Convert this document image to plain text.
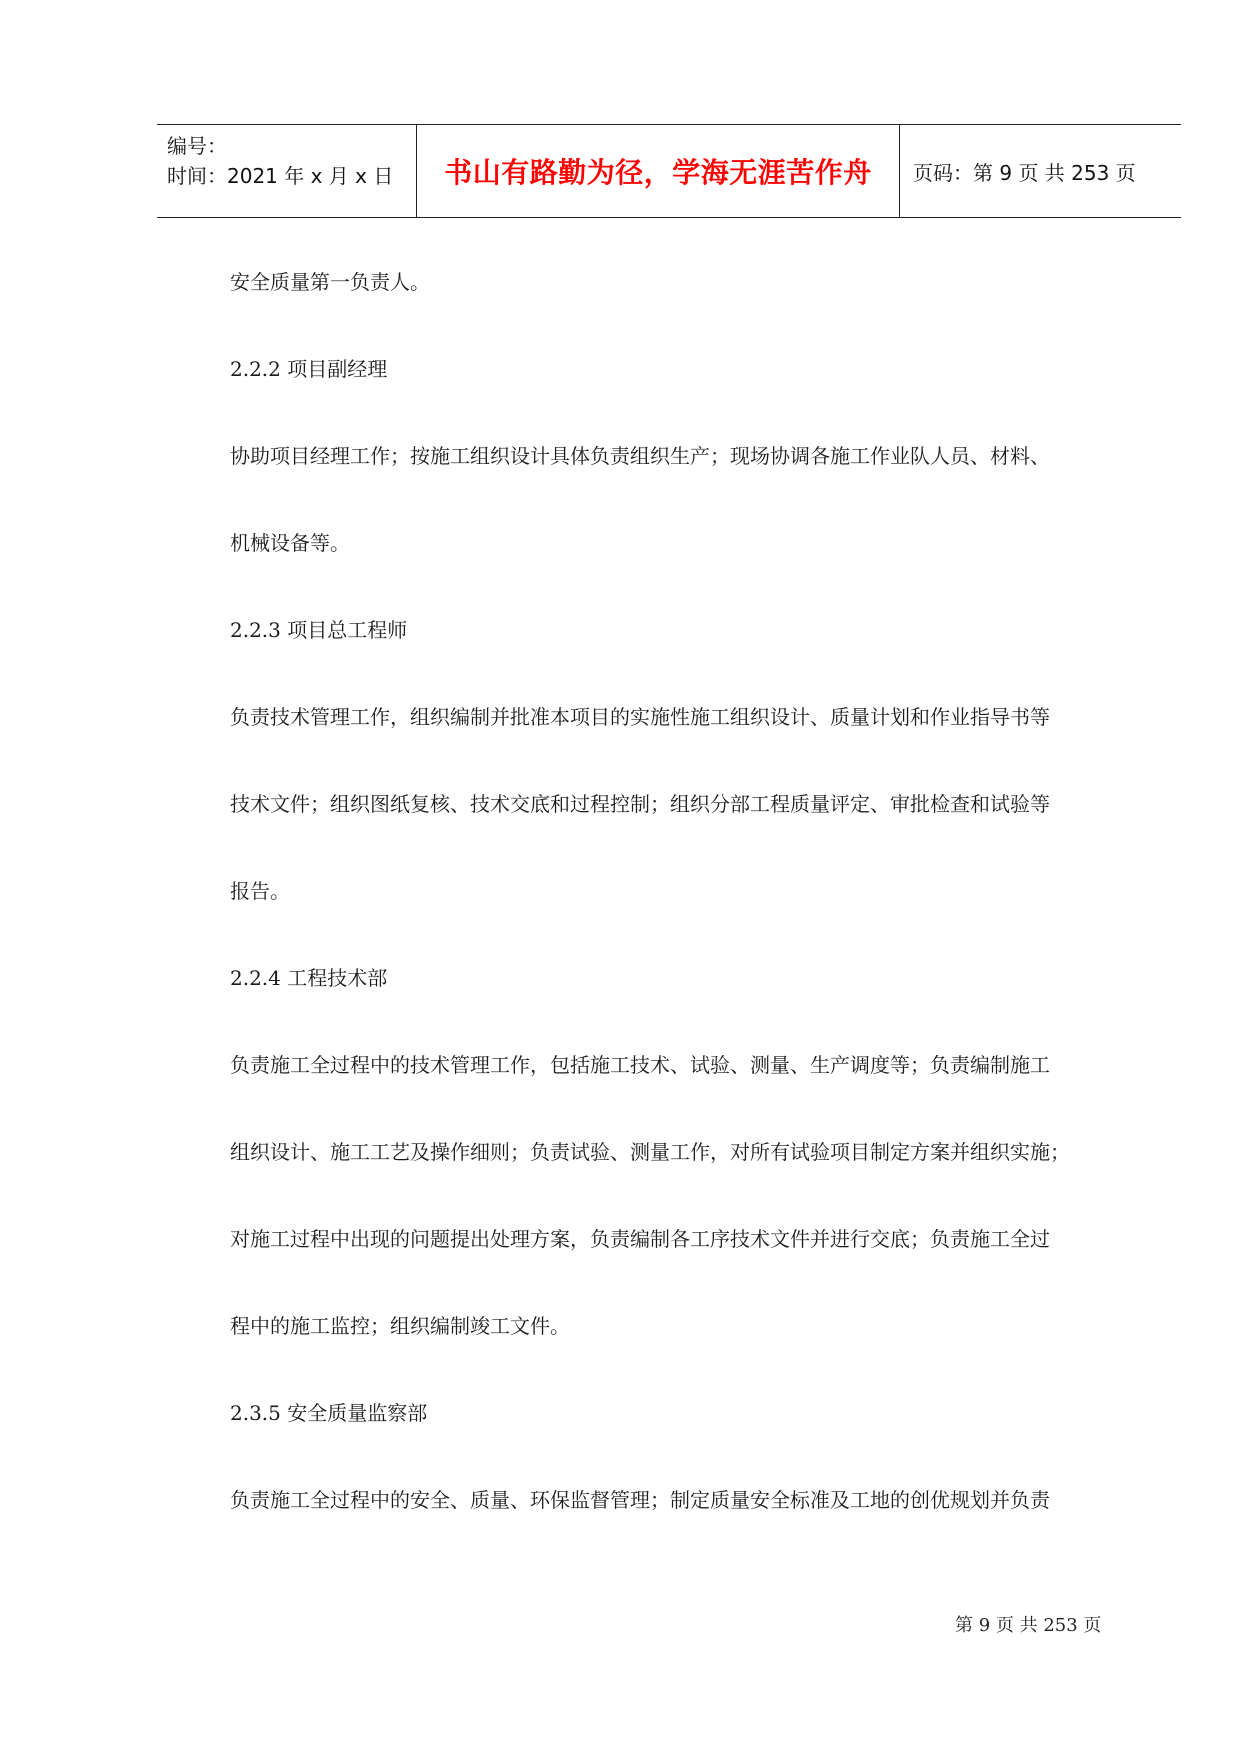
编号：
时间：2021 年 x 月 x 日	书山有路勤为径，学海无涯苦作舟	页码：第 9 页 共 253 页
安全质量第一负责人。
2.2.2 项目副经理
协助项目经理工作；按施工组织设计具体负责组织生产；现场协调各施工作业队人员、材料、
机械设备等。
2.2.3 项目总工程师
负责技术管理工作，组织编制并批准本项目的实施性施工组织设计、质量计划和作业指导书等
技术文件；组织图纸复核、技术交底和过程控制；组织分部工程质量评定、审批检查和试验等
报告。
2.2.4 工程技术部
负责施工全过程中的技术管理工作，包括施工技术、试验、测量、生产调度等；负责编制施工
组织设计、施工工艺及操作细则；负责试验、测量工作，对所有试验项目制定方案并组织实施；
对施工过程中出现的问题提出处理方案，负责编制各工序技术文件并进行交底；负责施工全过
程中的施工监控；组织编制竣工文件。
2.3.5 安全质量监察部
负责施工全过程中的安全、质量、环保监督管理；制定质量安全标准及工地的创优规划并负责
第 9 页 共 253 页
